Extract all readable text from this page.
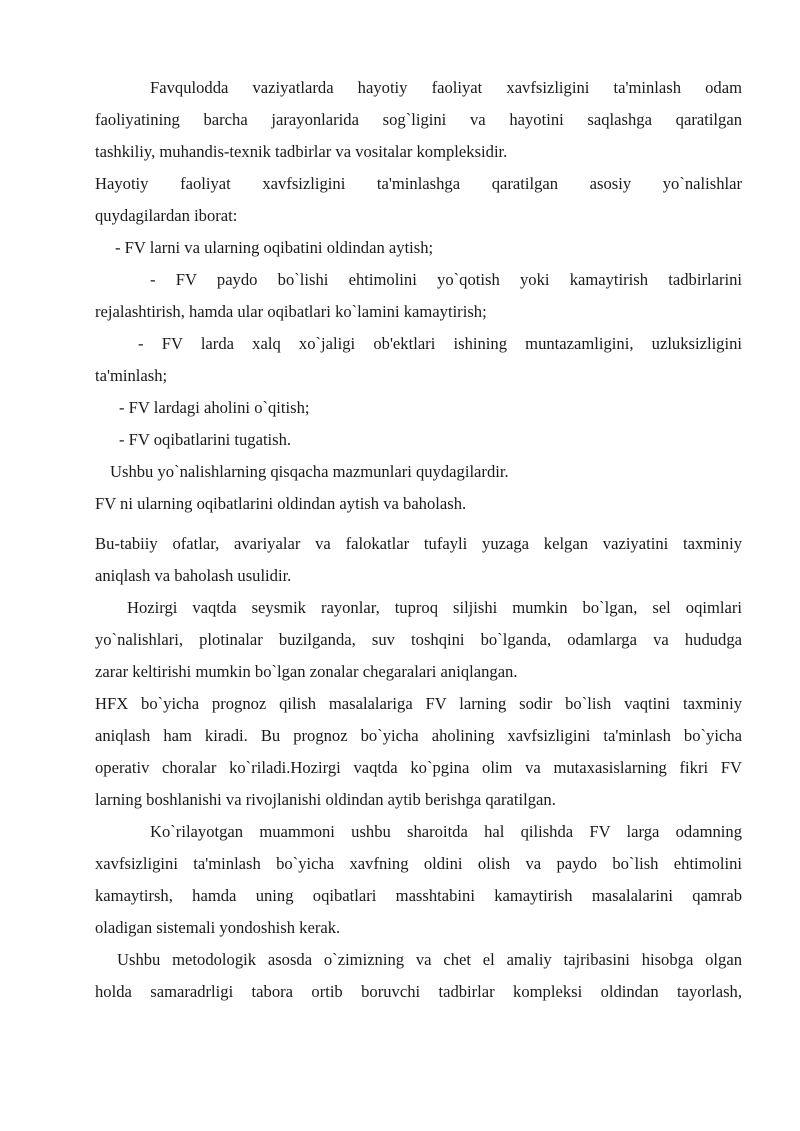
Favqulodda vaziyatlarda hayotiy faoliyat xavfsizligini ta'minlash odam
faoliyatining barcha jarayonlarida sog`ligini va hayotini saqlashga qaratilgan
tashkiliy, muhandis-texnik tadbirlar va vositalar kompleksidir.
Hayotiy faoliyat xavfsizligini ta'minlashga qaratilgan asosiy yo`nalishlar
quydagilardan iborat:
- FV larni va ularning oqibatini oldindan aytish;
- FV paydo bo`lishi ehtimolini yo`qotish yoki kamaytirish tadbirlarini
rejalashtirish, hamda ular oqibatlari ko`lamini kamaytirish;
- FV larda xalq xo`jaligi ob'ektlari ishining muntazamligini, uzluksizligini
ta'minlash;
- FV lardagi aholini o`qitish;
- FV oqibatlarini tugatish.
Ushbu yo`nalishlarning qisqacha mazmunlari quydagilardir.
FV ni ularning oqibatlarini oldindan aytish va baholash.
Bu-tabiiy ofatlar, avariyalar va falokatlar tufayli yuzaga kelgan vaziyatini taxminiy
aniqlash va baholash usulidir.
Hozirgi vaqtda seysmik rayonlar, tuproq siljishi mumkin bo`lgan, sel oqimlari
yo`nalishlari, plotinalar buzilganda, suv toshqini bo`lganda, odamlarga va hududga
zarar keltirishi mumkin bo`lgan zonalar chegaralari aniqlangan.
HFX bo`yicha prognoz qilish masalalariga FV larning sodir bo`lish vaqtini taxminiy
aniqlash ham kiradi. Bu prognoz bo`yicha aholining xavfsizligini ta'minlash bo`yicha
operativ choralar ko`riladi.Hozirgi vaqtda ko`pgina olim va mutaxasislarning fikri FV
larning boshlanishi va rivojlanishi oldindan aytib berishga qaratilgan.
Ko`rilayotgan muammoni ushbu sharoitda hal qilishda FV larga odamning
xavfsizligini ta'minlash bo`yicha xavfning oldini olish va paydo bo`lish ehtimolini
kamaytirsh, hamda uning oqibatlari masshtabini kamaytirish masalalarini qamrab
oladigan sistemali yondoshish kerak.
Ushbu metodologik asosda o`zimizning va chet el amaliy tajribasini hisobga olgan
holda samaradrligi tabora ortib boruvchi tadbirlar kompleksi oldindan tayorlash,
